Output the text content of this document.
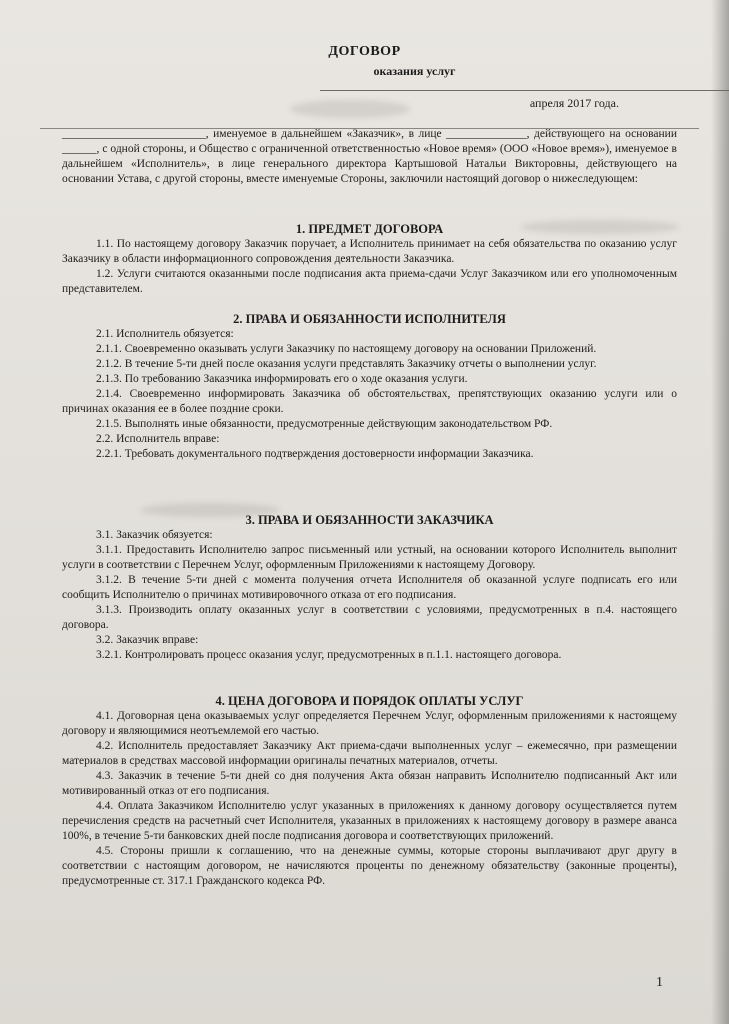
ДОГОВОР
оказания услуг
апреля 2017 года.

_________________________, именуемое в дальнейшем «Заказчик», в лице ______________, действующего на основании ______, с одной стороны, и Общество с ограниченной ответственностью «Новое время» (ООО «Новое время»), именуемое в дальнейшем «Исполнитель», в лице генерального директора Картышовой Натальи Викторовны, действующего на основании Устава, с другой стороны, вместе именуемые Стороны, заключили настоящий договор о нижеследующем:

1. ПРЕДМЕТ ДОГОВОРА

1.1. По настоящему договору Заказчик поручает, а Исполнитель принимает на себя обязательства по оказанию услуг Заказчику в области информационного сопровождения деятельности Заказчика.

1.2. Услуги считаются оказанными после подписания акта приема-сдачи Услуг Заказчиком или его уполномоченным представителем.

2. ПРАВА И ОБЯЗАННОСТИ ИСПОЛНИТЕЛЯ

2.1. Исполнитель обязуется:

2.1.1. Своевременно оказывать услуги Заказчику по настоящему договору на основании Приложений.

2.1.2. В течение 5-ти дней после оказания услуги представлять Заказчику отчеты о выполнении услуг.

2.1.3. По требованию Заказчика информировать его о ходе оказания услуги.

2.1.4. Своевременно информировать Заказчика об обстоятельствах, препятствующих оказанию услуги или о причинах оказания ее в более поздние сроки.

2.1.5. Выполнять иные обязанности, предусмотренные действующим законодательством РФ.

2.2. Исполнитель вправе:

2.2.1. Требовать документального подтверждения достоверности информации Заказчика.

3. ПРАВА И ОБЯЗАННОСТИ ЗАКАЗЧИКА

3.1. Заказчик обязуется:

3.1.1. Предоставить Исполнителю запрос письменный или устный, на основании которого Исполнитель выполнит услуги в соответствии с Перечнем Услуг, оформленным Приложениями к настоящему Договору.

3.1.2. В течение 5-ти дней с момента получения отчета Исполнителя об оказанной услуге подписать его или сообщить Исполнителю о причинах мотивировочного отказа от его подписания.

3.1.3. Производить оплату оказанных услуг в соответствии с условиями, предусмотренных в п.4. настоящего договора.

3.2. Заказчик вправе:

3.2.1. Контролировать процесс оказания услуг, предусмотренных в п.1.1. настоящего договора.

4. ЦЕНА ДОГОВОРА И ПОРЯДОК ОПЛАТЫ УСЛУГ

4.1. Договорная цена оказываемых услуг определяется Перечнем Услуг, оформленным приложениями к настоящему договору и являющимися неотъемлемой его частью.

4.2. Исполнитель предоставляет Заказчику Акт приема-сдачи выполненных услуг – ежемесячно, при размещении материалов в средствах массовой информации оригиналы печатных материалов, отчеты.

4.3. Заказчик в течение 5-ти дней со дня получения Акта обязан направить Исполнителю подписанный Акт или мотивированный отказ от его подписания.

4.4. Оплата Заказчиком Исполнителю услуг указанных в приложениях к данному договору осуществляется путем перечисления средств на расчетный счет Исполнителя, указанных в приложениях к настоящему договору в размере аванса 100%, в течение 5-ти банковских дней после подписания договора и соответствующих приложений.

4.5. Стороны пришли к соглашению, что на денежные суммы, которые стороны выплачивают друг другу в соответствии с настоящим договором, не начисляются проценты по денежному обязательству (законные проценты), предусмотренные ст. 317.1 Гражданского кодекса РФ.

1
